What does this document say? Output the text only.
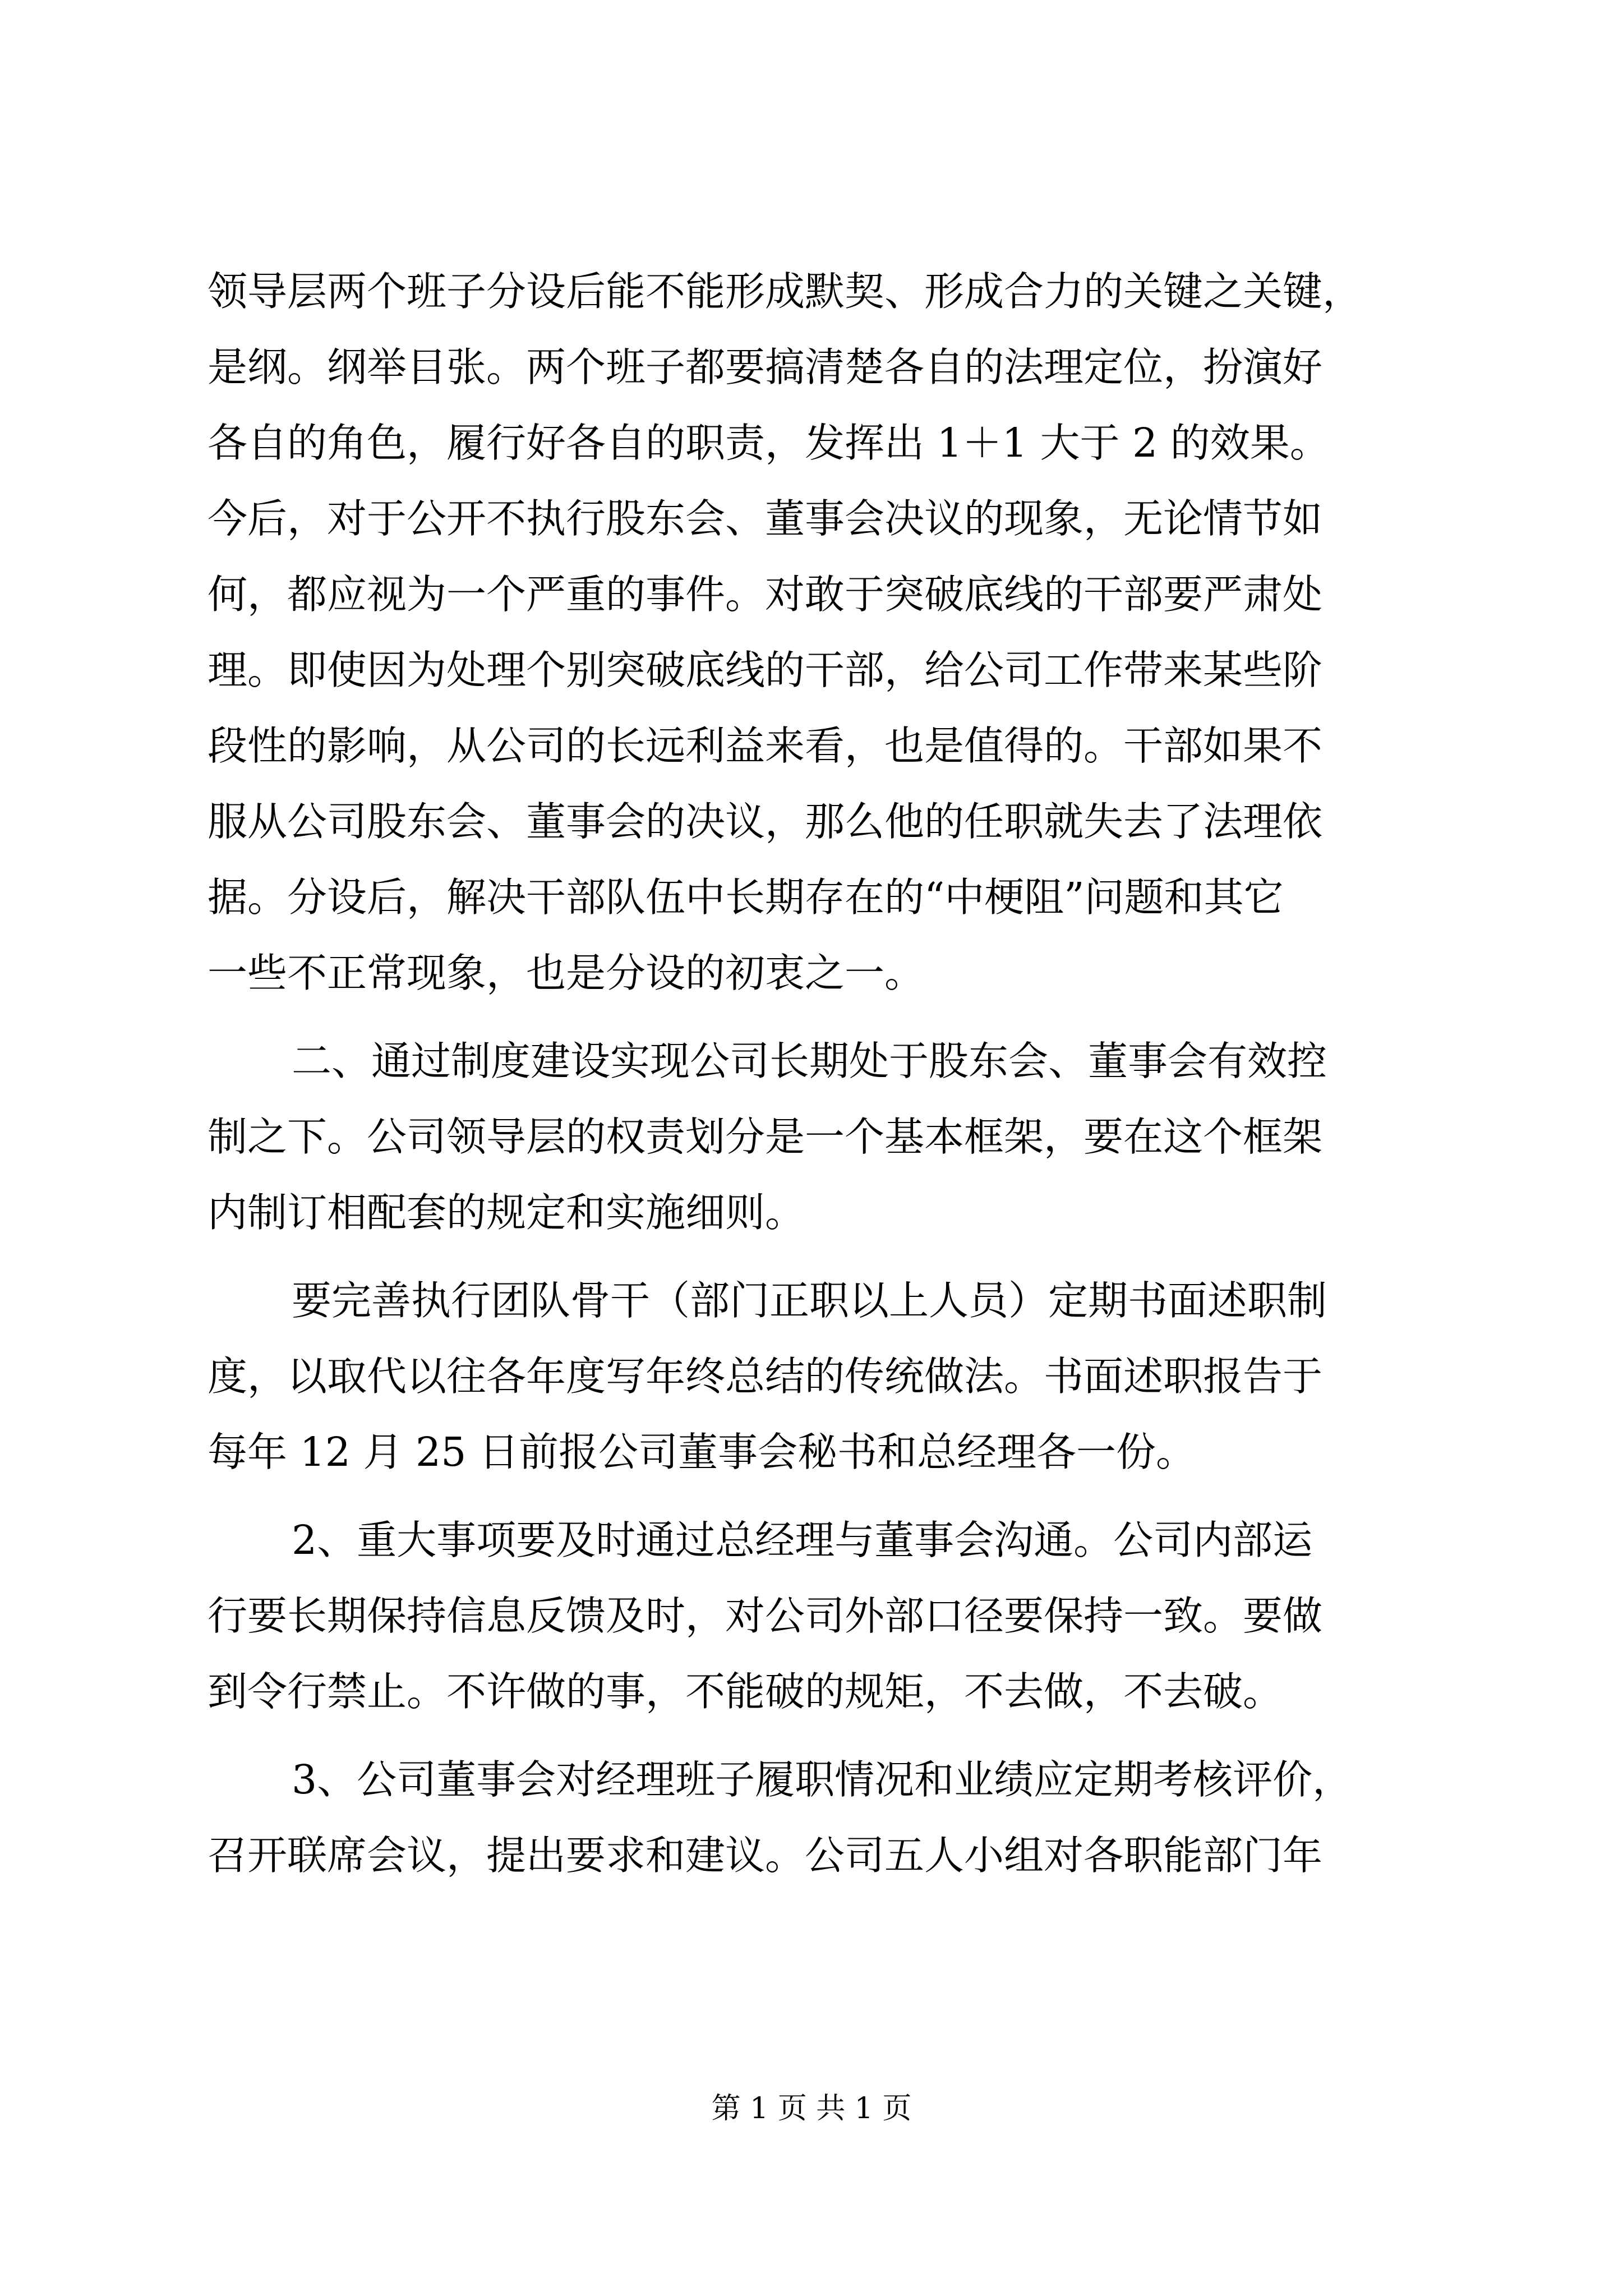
领导层两个班子分设后能不能形成默契、形成合力的关键之关键，
是纲。纲举目张。两个班子都要搞清楚各自的法理定位，扮演好
各自的角色，履行好各自的职责，发挥出 1＋1 大于 2 的效果。
今后，对于公开不执行股东会、董事会决议的现象，无论情节如
何，都应视为一个严重的事件。对敢于突破底线的干部要严肃处
理。即使因为处理个别突破底线的干部，给公司工作带来某些阶
段性的影响，从公司的长远利益来看，也是值得的。干部如果不
服从公司股东会、董事会的决议，那么他的任职就失去了法理依
据。分设后，解决干部队伍中长期存在的“中梗阻”问题和其它
一些不正常现象，也是分设的初衷之一。
二、通过制度建设实现公司长期处于股东会、董事会有效控
制之下。公司领导层的权责划分是一个基本框架，要在这个框架
内制订相配套的规定和实施细则。
要完善执行团队骨干（部门正职以上人员）定期书面述职制
度，以取代以往各年度写年终总结的传统做法。书面述职报告于
每年 12 月 25 日前报公司董事会秘书和总经理各一份。
2、重大事项要及时通过总经理与董事会沟通。公司内部运
行要长期保持信息反馈及时，对公司外部口径要保持一致。要做
到令行禁止。不许做的事，不能破的规矩，不去做，不去破。
3、公司董事会对经理班子履职情况和业绩应定期考核评价，
召开联席会议，提出要求和建议。公司五人小组对各职能部门年
第 1 页 共 1 页
